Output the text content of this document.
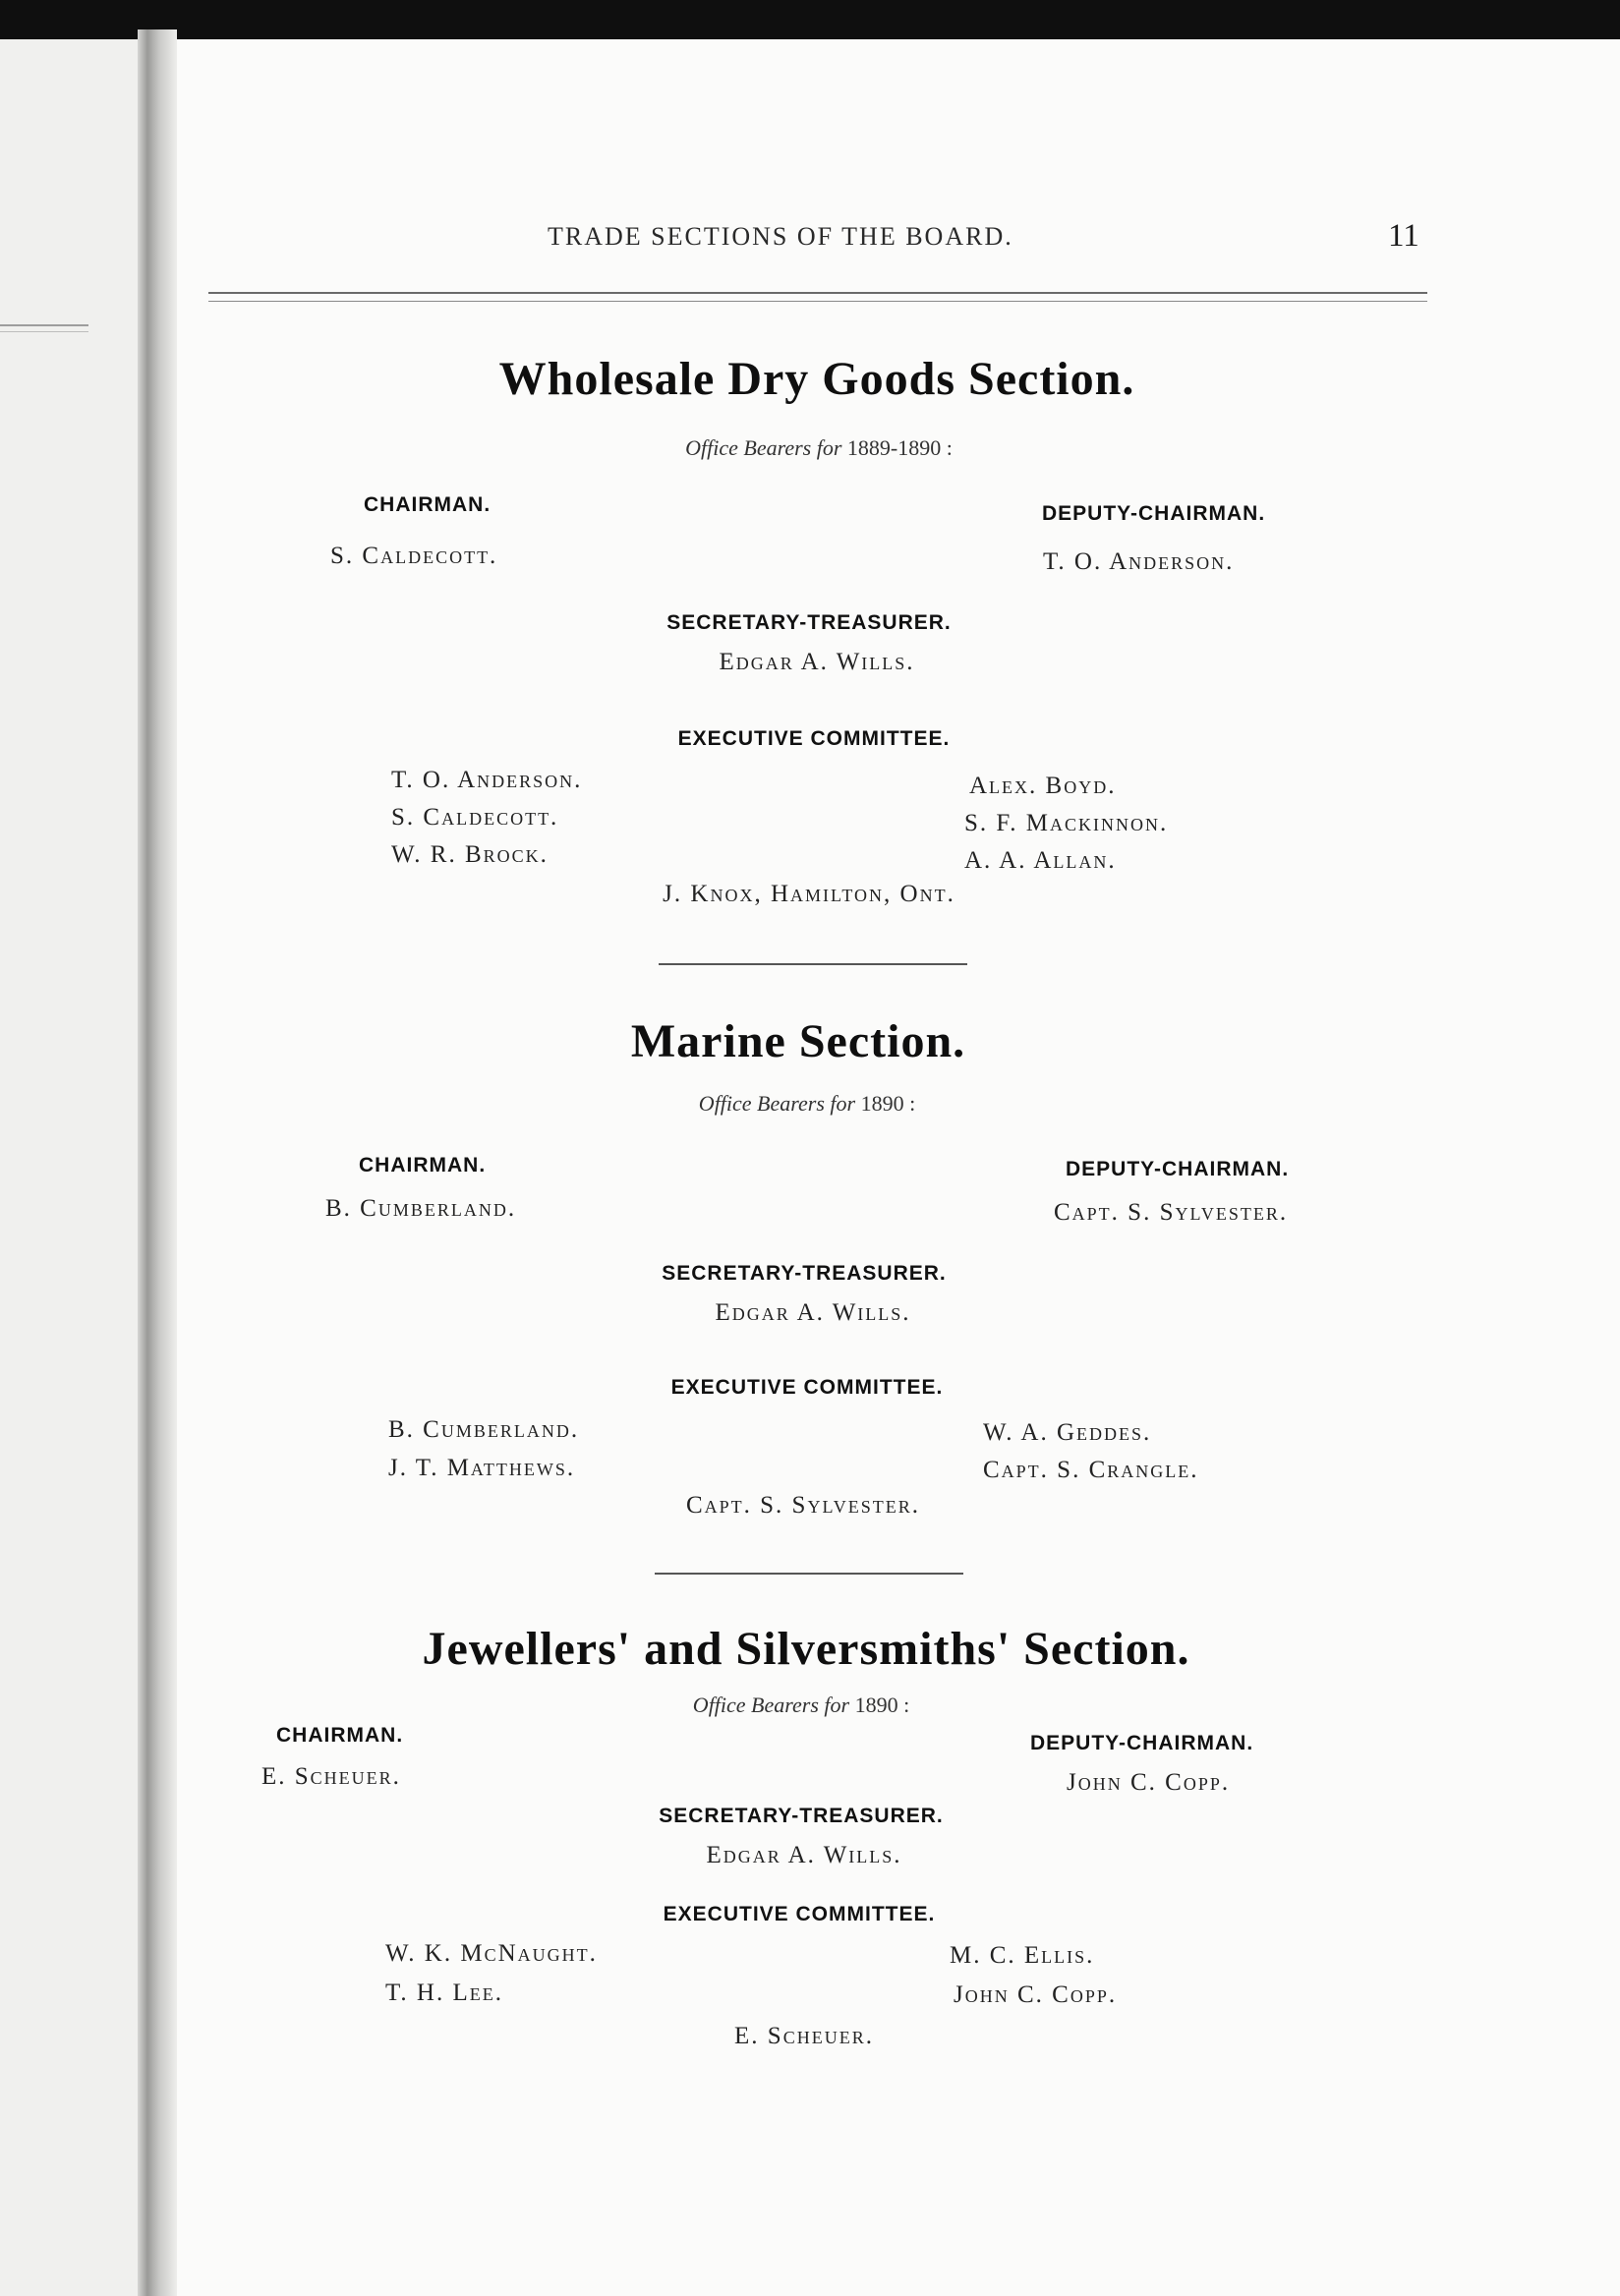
TRADE SECTIONS OF THE BOARD.	11
Wholesale Dry Goods Section.
Office Bearers for 1889-1890 :
CHAIRMAN.
S. Caldecott.
DEPUTY-CHAIRMAN.
T. O. Anderson.
SECRETARY-TREASURER.
Edgar A. Wills.
EXECUTIVE COMMITTEE.
T. O. Anderson.
S. Caldecott.
W. R. Brock.
Alex. Boyd.
S. F. Mackinnon.
A. A. Allan.
J. Knox, Hamilton, Ont.
Marine Section.
Office Bearers for 1890 :
CHAIRMAN.
B. Cumberland.
DEPUTY-CHAIRMAN.
Capt. S. Sylvester.
SECRETARY-TREASURER.
Edgar A. Wills.
EXECUTIVE COMMITTEE.
B. Cumberland.
J. T. Matthews.
W. A. Geddes.
Capt. S. Crangle.
Capt. S. Sylvester.
Jewellers' and Silversmiths' Section.
Office Bearers for 1890 :
CHAIRMAN.
E. Scheuer.
DEPUTY-CHAIRMAN.
John C. Copp.
SECRETARY-TREASURER.
Edgar A. Wills.
EXECUTIVE COMMITTEE.
W. K. McNaught.
T. H. Lee.
M. C. Ellis.
John C. Copp.
E. Scheuer.
